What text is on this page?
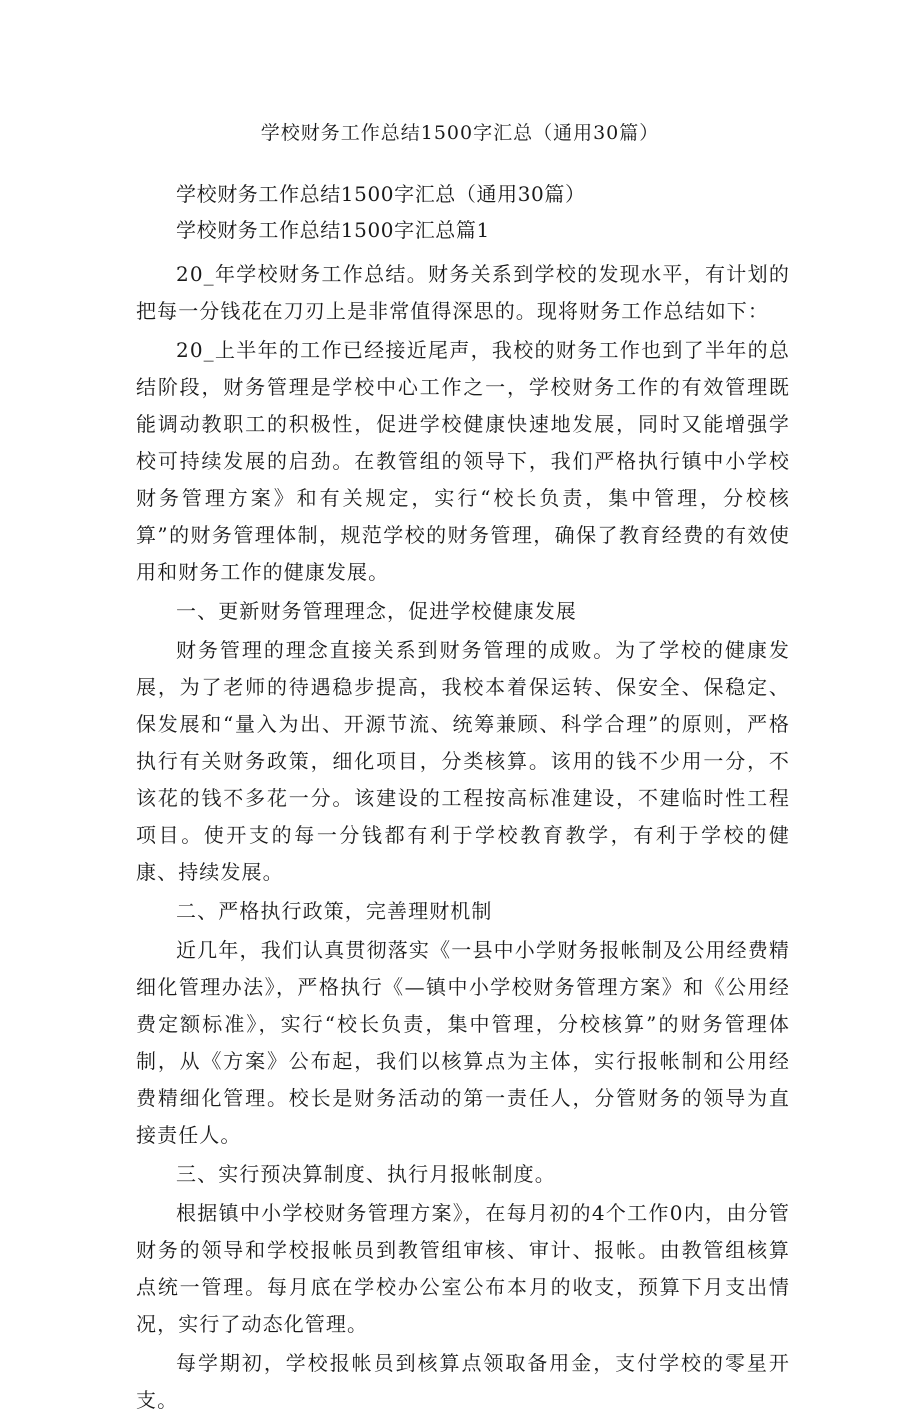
学校财务工作总结1500字汇总（通用30篇）

学校财务工作总结1500字汇总（通用30篇）

学校财务工作总结1500字汇总篇1

20_年学校财务工作总结。财务关系到学校的发现水平，有计划的把每一分钱花在刀刃上是非常值得深思的。现将财务工作总结如下：

20_上半年的工作已经接近尾声，我校的财务工作也到了半年的总结阶段，财务管理是学校中心工作之一，学校财务工作的有效管理既能调动教职工的积极性，促进学校健康快速地发展，同时又能增强学校可持续发展的启劲。在教管组的领导下，我们严格执行镇中小学校财务管理方案》和有关规定，实行“校长负责，集中管理，分校核算”的财务管理体制，规范学校的财务管理，确保了教育经费的有效使用和财务工作的健康发展。

一、更新财务管理理念，促进学校健康发展

财务管理的理念直接关系到财务管理的成败。为了学校的健康发展，为了老师的待遇稳步提高，我校本着保运转、保安全、保稳定、保发展和“量入为出、开源节流、统筹兼顾、科学合理”的原则，严格执行有关财务政策，细化项目，分类核算。该用的钱不少用一分，不该花的钱不多花一分。该建设的工程按高标准建设，不建临时性工程项目。使开支的每一分钱都有利于学校教育教学，有利于学校的健康、持续发展。

二、严格执行政策，完善理财机制

近几年，我们认真贯彻落实《一县中小学财务报帐制及公用经费精细化管理办法》，严格执行《—镇中小学校财务管理方案》和《公用经费定额标准》，实行“校长负责，集中管理，分校核算”的财务管理体制，从《方案》公布起，我们以核算点为主体，实行报帐制和公用经费精细化管理。校长是财务活动的第一责任人，分管财务的领导为直接责任人。

三、实行预决算制度、执行月报帐制度。

根据镇中小学校财务管理方案》，在每月初的4个工作0内，由分管财务的领导和学校报帐员到教管组审核、审计、报帐。由教管组核算点统一管理。每月底在学校办公室公布本月的收支，预算下月支出情况，实行了动态化管理。

每学期初，学校报帐员到核算点领取备用金，支付学校的零星开支。
